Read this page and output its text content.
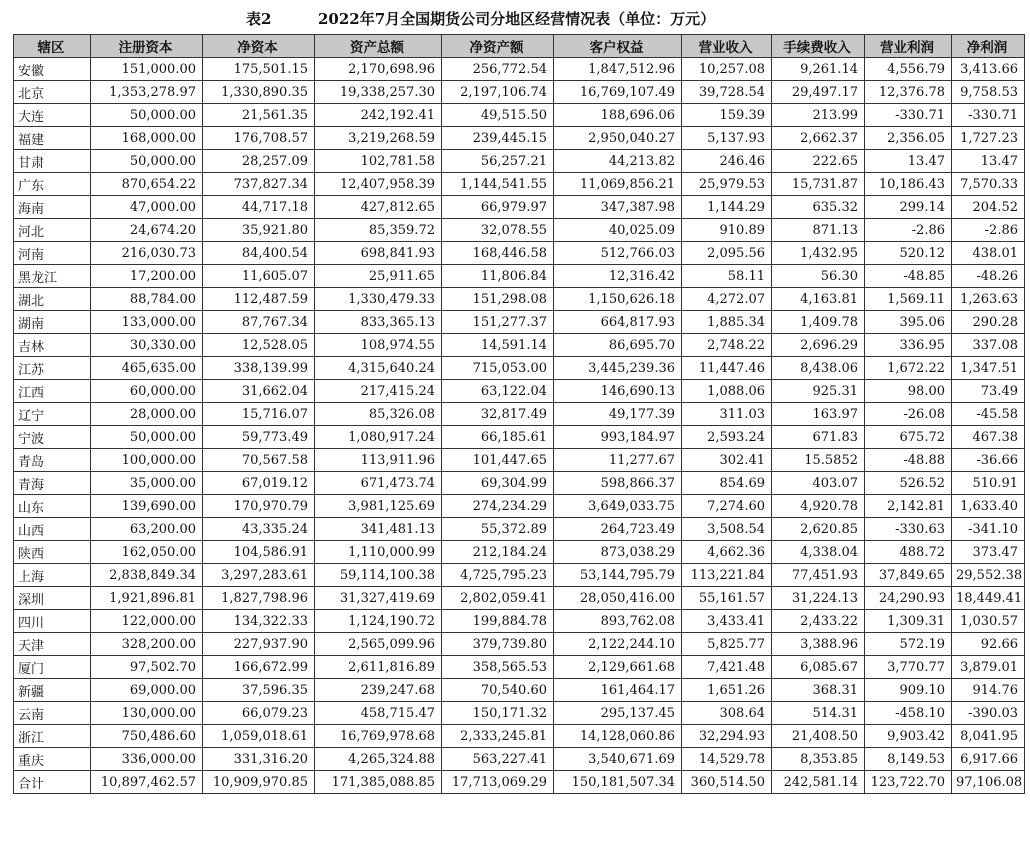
表2	2022年7月全国期货公司分地区经营情况表（单位：万元）
辖区	注册资本	净资本	资产总额	净资产额	客户权益	营业收入	手续费收入	营业利润	净利润
安徽	151,000.00	175,501.15	2,170,698.96	256,772.54	1,847,512.96	10,257.08	9,261.14	4,556.79	3,413.66
北京	1,353,278.97	1,330,890.35	19,338,257.30	2,197,106.74	16,769,107.49	39,728.54	29,497.17	12,376.78	9,758.53
大连	50,000.00	21,561.35	242,192.41	49,515.50	188,696.06	159.39	213.99	-330.71	-330.71
福建	168,000.00	176,708.57	3,219,268.59	239,445.15	2,950,040.27	5,137.93	2,662.37	2,356.05	1,727.23
甘肃	50,000.00	28,257.09	102,781.58	56,257.21	44,213.82	246.46	222.65	13.47	13.47
广东	870,654.22	737,827.34	12,407,958.39	1,144,541.55	11,069,856.21	25,979.53	15,731.87	10,186.43	7,570.33
海南	47,000.00	44,717.18	427,812.65	66,979.97	347,387.98	1,144.29	635.32	299.14	204.52
河北	24,674.20	35,921.80	85,359.72	32,078.55	40,025.09	910.89	871.13	-2.86	-2.86
河南	216,030.73	84,400.54	698,841.93	168,446.58	512,766.03	2,095.56	1,432.95	520.12	438.01
黑龙江	17,200.00	11,605.07	25,911.65	11,806.84	12,316.42	58.11	56.30	-48.85	-48.26
湖北	88,784.00	112,487.59	1,330,479.33	151,298.08	1,150,626.18	4,272.07	4,163.81	1,569.11	1,263.63
湖南	133,000.00	87,767.34	833,365.13	151,277.37	664,817.93	1,885.34	1,409.78	395.06	290.28
吉林	30,330.00	12,528.05	108,974.55	14,591.14	86,695.70	2,748.22	2,696.29	336.95	337.08
江苏	465,635.00	338,139.99	4,315,640.24	715,053.00	3,445,239.36	11,447.46	8,438.06	1,672.22	1,347.51
江西	60,000.00	31,662.04	217,415.24	63,122.04	146,690.13	1,088.06	925.31	98.00	73.49
辽宁	28,000.00	15,716.07	85,326.08	32,817.49	49,177.39	311.03	163.97	-26.08	-45.58
宁波	50,000.00	59,773.49	1,080,917.24	66,185.61	993,184.97	2,593.24	671.83	675.72	467.38
青岛	100,000.00	70,567.58	113,911.96	101,447.65	11,277.67	302.41	15.5852	-48.88	-36.66
青海	35,000.00	67,019.12	671,473.74	69,304.99	598,866.37	854.69	403.07	526.52	510.91
山东	139,690.00	170,970.79	3,981,125.69	274,234.29	3,649,033.75	7,274.60	4,920.78	2,142.81	1,633.40
山西	63,200.00	43,335.24	341,481.13	55,372.89	264,723.49	3,508.54	2,620.85	-330.63	-341.10
陕西	162,050.00	104,586.91	1,110,000.99	212,184.24	873,038.29	4,662.36	4,338.04	488.72	373.47
上海	2,838,849.34	3,297,283.61	59,114,100.38	4,725,795.23	53,144,795.79	113,221.84	77,451.93	37,849.65	29,552.38
深圳	1,921,896.81	1,827,798.96	31,327,419.69	2,802,059.41	28,050,416.00	55,161.57	31,224.13	24,290.93	18,449.41
四川	122,000.00	134,322.33	1,124,190.72	199,884.78	893,762.08	3,433.41	2,433.22	1,309.31	1,030.57
天津	328,200.00	227,937.90	2,565,099.96	379,739.80	2,122,244.10	5,825.77	3,388.96	572.19	92.66
厦门	97,502.70	166,672.99	2,611,816.89	358,565.53	2,129,661.68	7,421.48	6,085.67	3,770.77	3,879.01
新疆	69,000.00	37,596.35	239,247.68	70,540.60	161,464.17	1,651.26	368.31	909.10	914.76
云南	130,000.00	66,079.23	458,715.47	150,171.32	295,137.45	308.64	514.31	-458.10	-390.03
浙江	750,486.60	1,059,018.61	16,769,978.68	2,333,245.81	14,128,060.86	32,294.93	21,408.50	9,903.42	8,041.95
重庆	336,000.00	331,316.20	4,265,324.88	563,227.41	3,540,671.69	14,529.78	8,353.85	8,149.53	6,917.66
合计	10,897,462.57	10,909,970.85	171,385,088.85	17,713,069.29	150,181,507.34	360,514.50	242,581.14	123,722.70	97,106.08
